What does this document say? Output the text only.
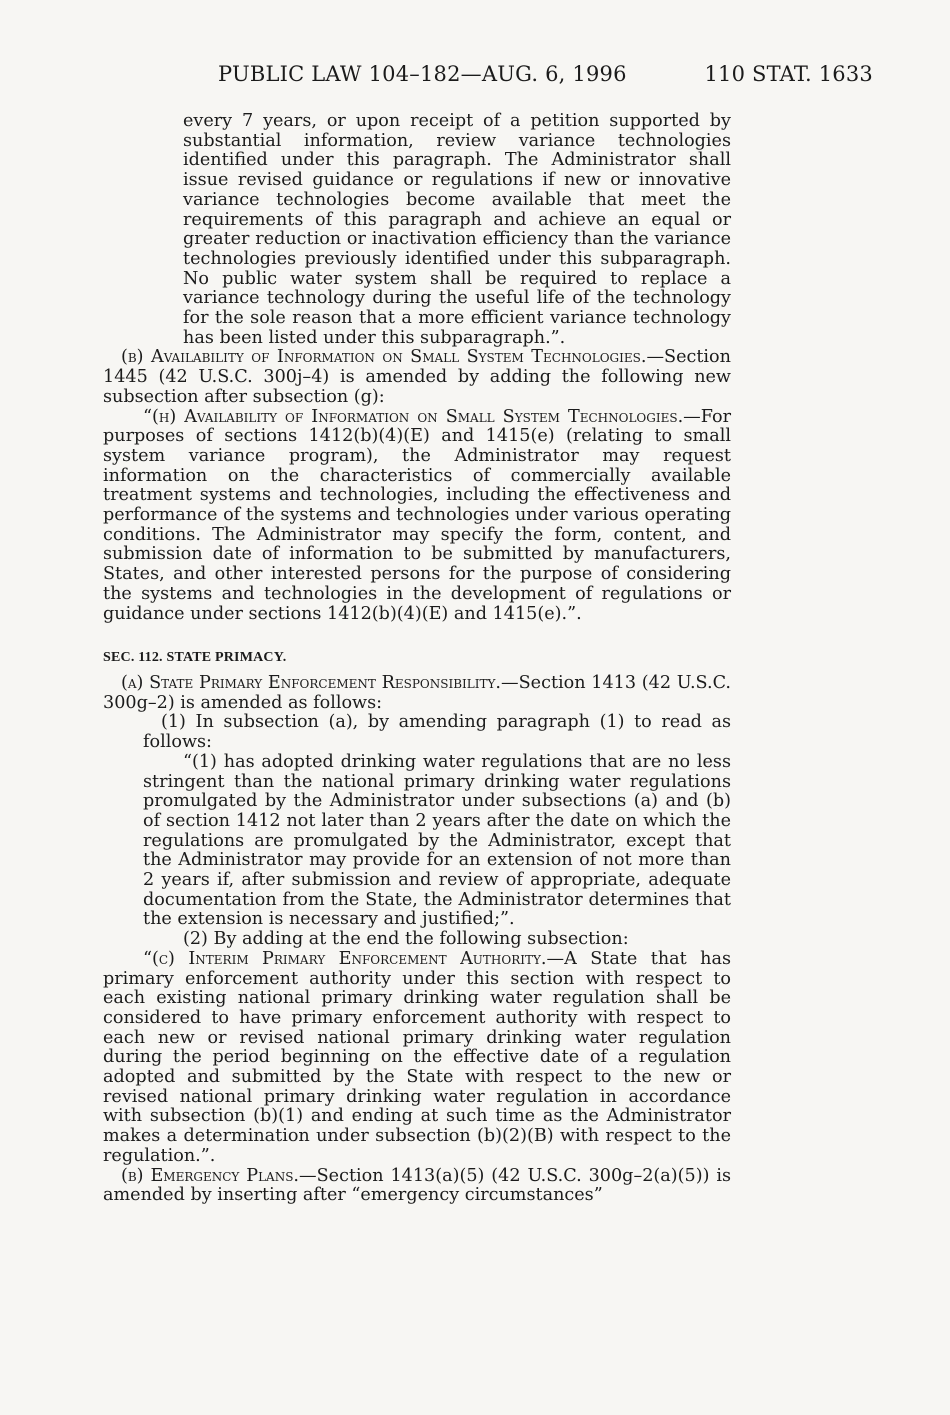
PUBLIC LAW 104–182—AUG. 6, 1996	110 STAT. 1633

every 7 years, or upon receipt of a petition supported by substantial information, review variance technologies identified under this paragraph. The Administrator shall issue revised guidance or regulations if new or innovative variance technologies become available that meet the requirements of this paragraph and achieve an equal or greater reduction or inactivation efficiency than the variance technologies previously identified under this subparagraph. No public water system shall be required to replace a variance technology during the useful life of the technology for the sole reason that a more efficient variance technology has been listed under this subparagraph.”.

(b) Availability of Information on Small System Technologies.—Section 1445 (42 U.S.C. 300j–4) is amended by adding the following new subsection after subsection (g):

“(h) Availability of Information on Small System Technologies.—For purposes of sections 1412(b)(4)(E) and 1415(e) (relating to small system variance program), the Administrator may request information on the characteristics of commercially available treatment systems and technologies, including the effectiveness and performance of the systems and technologies under various operating conditions. The Administrator may specify the form, content, and submission date of information to be submitted by manufacturers, States, and other interested persons for the purpose of considering the systems and technologies in the development of regulations or guidance under sections 1412(b)(4)(E) and 1415(e).”.

SEC. 112. STATE PRIMACY.

(a) State Primary Enforcement Responsibility.—Section 1413 (42 U.S.C. 300g–2) is amended as follows:

(1) In subsection (a), by amending paragraph (1) to read as follows:

“(1) has adopted drinking water regulations that are no less stringent than the national primary drinking water regulations promulgated by the Administrator under subsections (a) and (b) of section 1412 not later than 2 years after the date on which the regulations are promulgated by the Administrator, except that the Administrator may provide for an extension of not more than 2 years if, after submission and review of appropriate, adequate documentation from the State, the Administrator determines that the extension is necessary and justified;”.

(2) By adding at the end the following subsection:

“(c) Interim Primary Enforcement Authority.—A State that has primary enforcement authority under this section with respect to each existing national primary drinking water regulation shall be considered to have primary enforcement authority with respect to each new or revised national primary drinking water regulation during the period beginning on the effective date of a regulation adopted and submitted by the State with respect to the new or revised national primary drinking water regulation in accordance with subsection (b)(1) and ending at such time as the Administrator makes a determination under subsection (b)(2)(B) with respect to the regulation.”.

(b) Emergency Plans.—Section 1413(a)(5) (42 U.S.C. 300g–2(a)(5)) is amended by inserting after “emergency circumstances”
